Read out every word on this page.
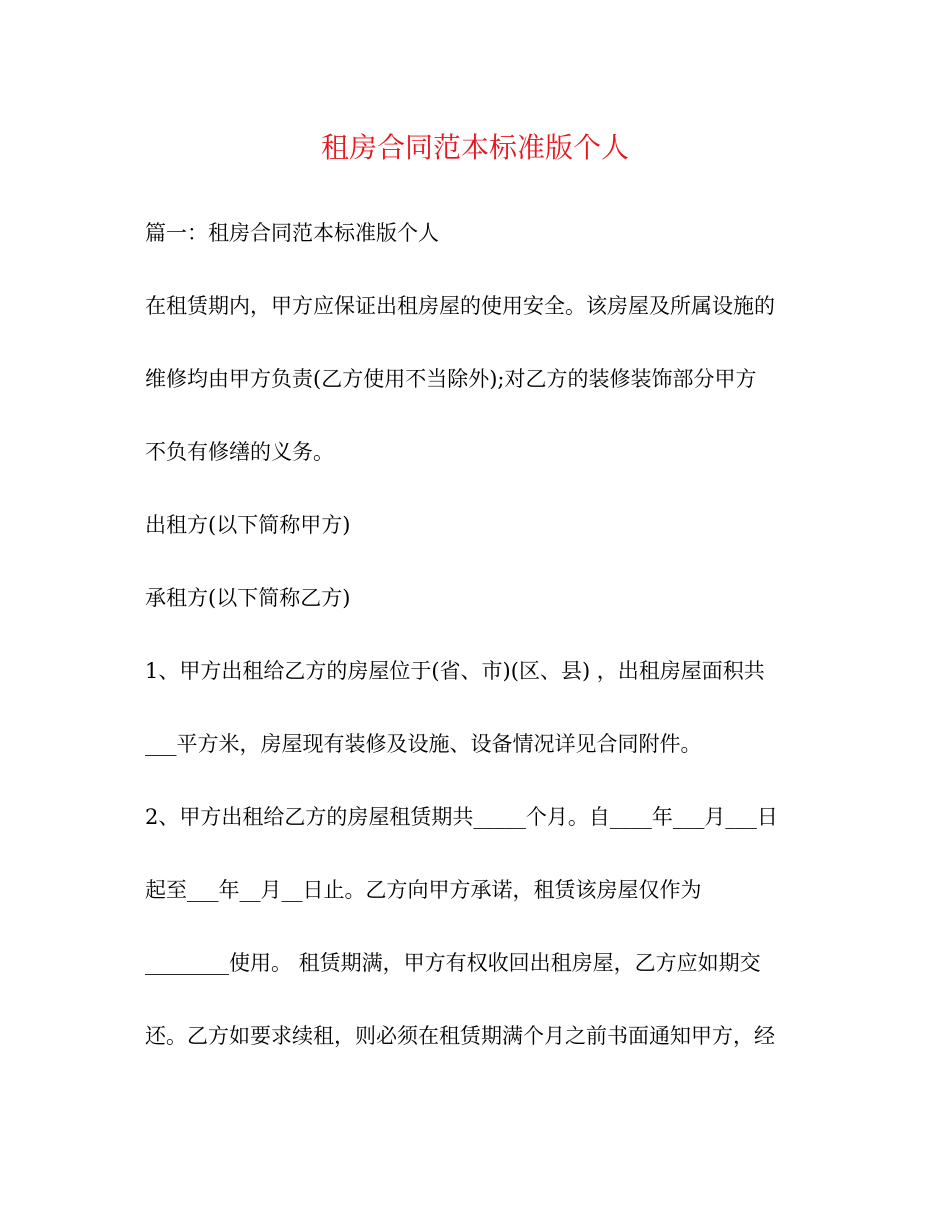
租房合同范本标准版个人
篇一：租房合同范本标准版个人
在租赁期内，甲方应保证出租房屋的使用安全。该房屋及所属设施的
维修均由甲方负责(乙方使用不当除外);对乙方的装修装饰部分甲方
不负有修缮的义务。
出租方(以下简称甲方)
承租方(以下简称乙方)
1、甲方出租给乙方的房屋位于(省、市)(区、县) ，出租房屋面积共
___平方米，房屋现有装修及设施、设备情况详见合同附件。
2、甲方出租给乙方的房屋租赁期共_____个月。自____年___月___日
起至___年__月__日止。乙方向甲方承诺，租赁该房屋仅作为
________使用。 租赁期满，甲方有权收回出租房屋，乙方应如期交
还。乙方如要求续租，则必须在租赁期满个月之前书面通知甲方，经
